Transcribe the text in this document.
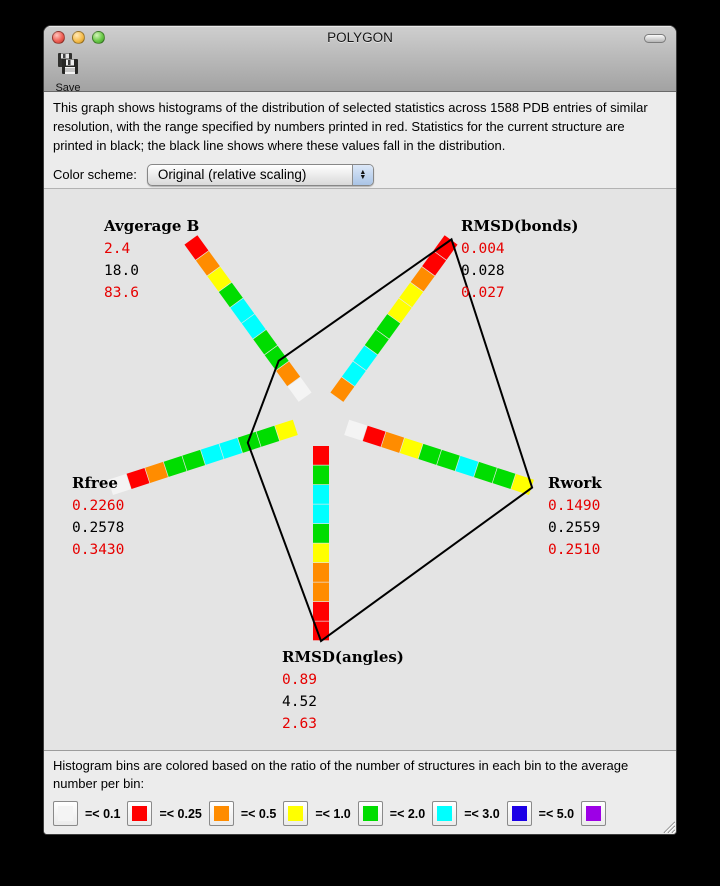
POLYGON
Save
This graph shows histograms of the distribution of selected statistics across 1588 PDB entries of similar resolution, with the range specified by numbers printed in red. Statistics for the current structure are printed in black; the black line shows where these values fall in the distribution.
Color scheme: Original (relative scaling)	▲
▼
Avgerage B
2.4
18.0
83.6
RMSD(bonds)
0.004
0.028
0.027
Rwork
0.1490
0.2559
0.2510
RMSD(angles)
0.89
4.52
2.63
Rfree
0.2260
0.2578
0.3430
Histogram bins are colored based on the ratio of the number of structures in each bin to the average number per bin:
=< 0.1	=< 0.25	=< 0.5	=< 1.0	=< 2.0	=< 3.0	=< 5.0
